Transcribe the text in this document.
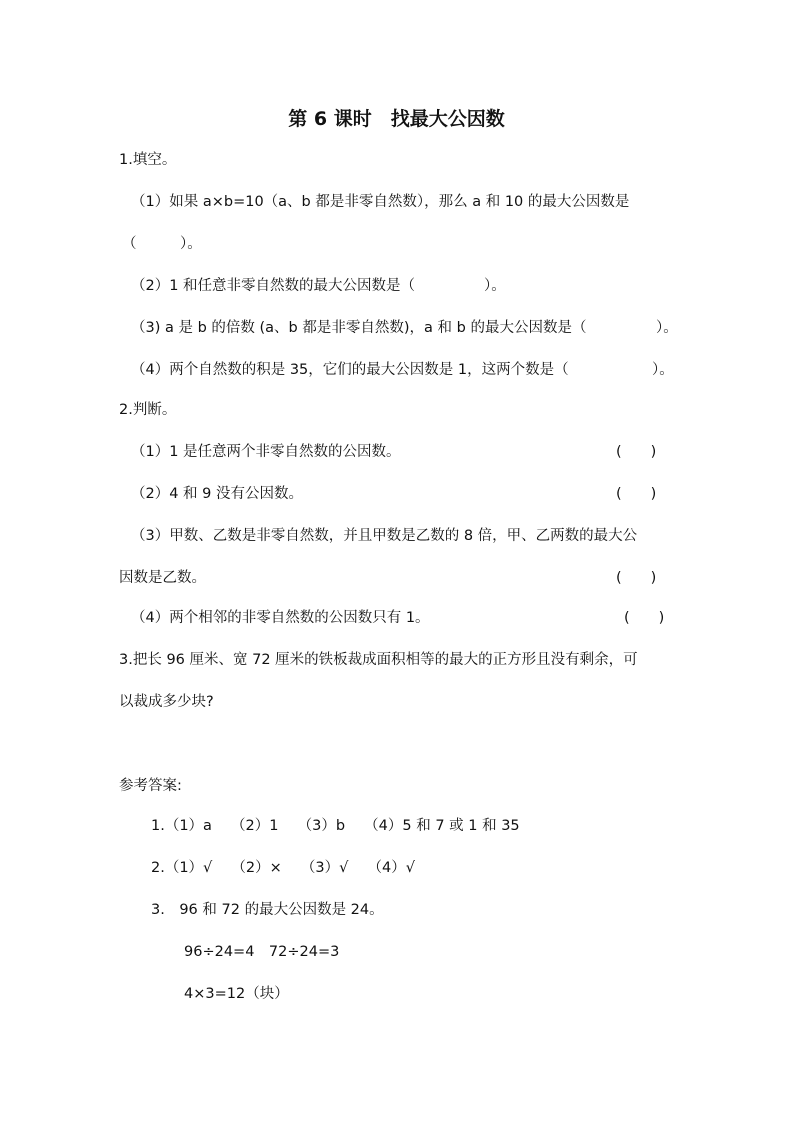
第 6 课时　找最大公因数
1.填空。
（1）如果 a×b=10（a、b 都是非零自然数），那么 a 和 10 的最大公因数是
（　　　）。
（2）1 和任意非零自然数的最大公因数是（	）。
（3) a 是 b 的倍数 (a、b 都是非零自然数)，a 和 b 的最大公因数是（	）。
（4）两个自然数的积是 35，它们的最大公因数是 1，这两个数是（	）。
2.判断。
（1）1 是任意两个非零自然数的公因数。	(　　)
（2）4 和 9 没有公因数。	(　　)
（3）甲数、乙数是非零自然数，并且甲数是乙数的 8 倍，甲、乙两数的最大公
因数是乙数。	(　　)
（4）两个相邻的非零自然数的公因数只有 1。	(　　)
3.把长 96 厘米、宽 72 厘米的铁板裁成面积相等的最大的正方形且没有剩余，可
以裁成多少块?
参考答案:
1.（1）a　 （2）1　 （3）b　 （4）5 和 7 或 1 和 35
2.（1）√　 （2）×　 （3）√　 （4）√
3.　96 和 72 的最大公因数是 24。
96÷24=4　72÷24=3
4×3=12（块）
